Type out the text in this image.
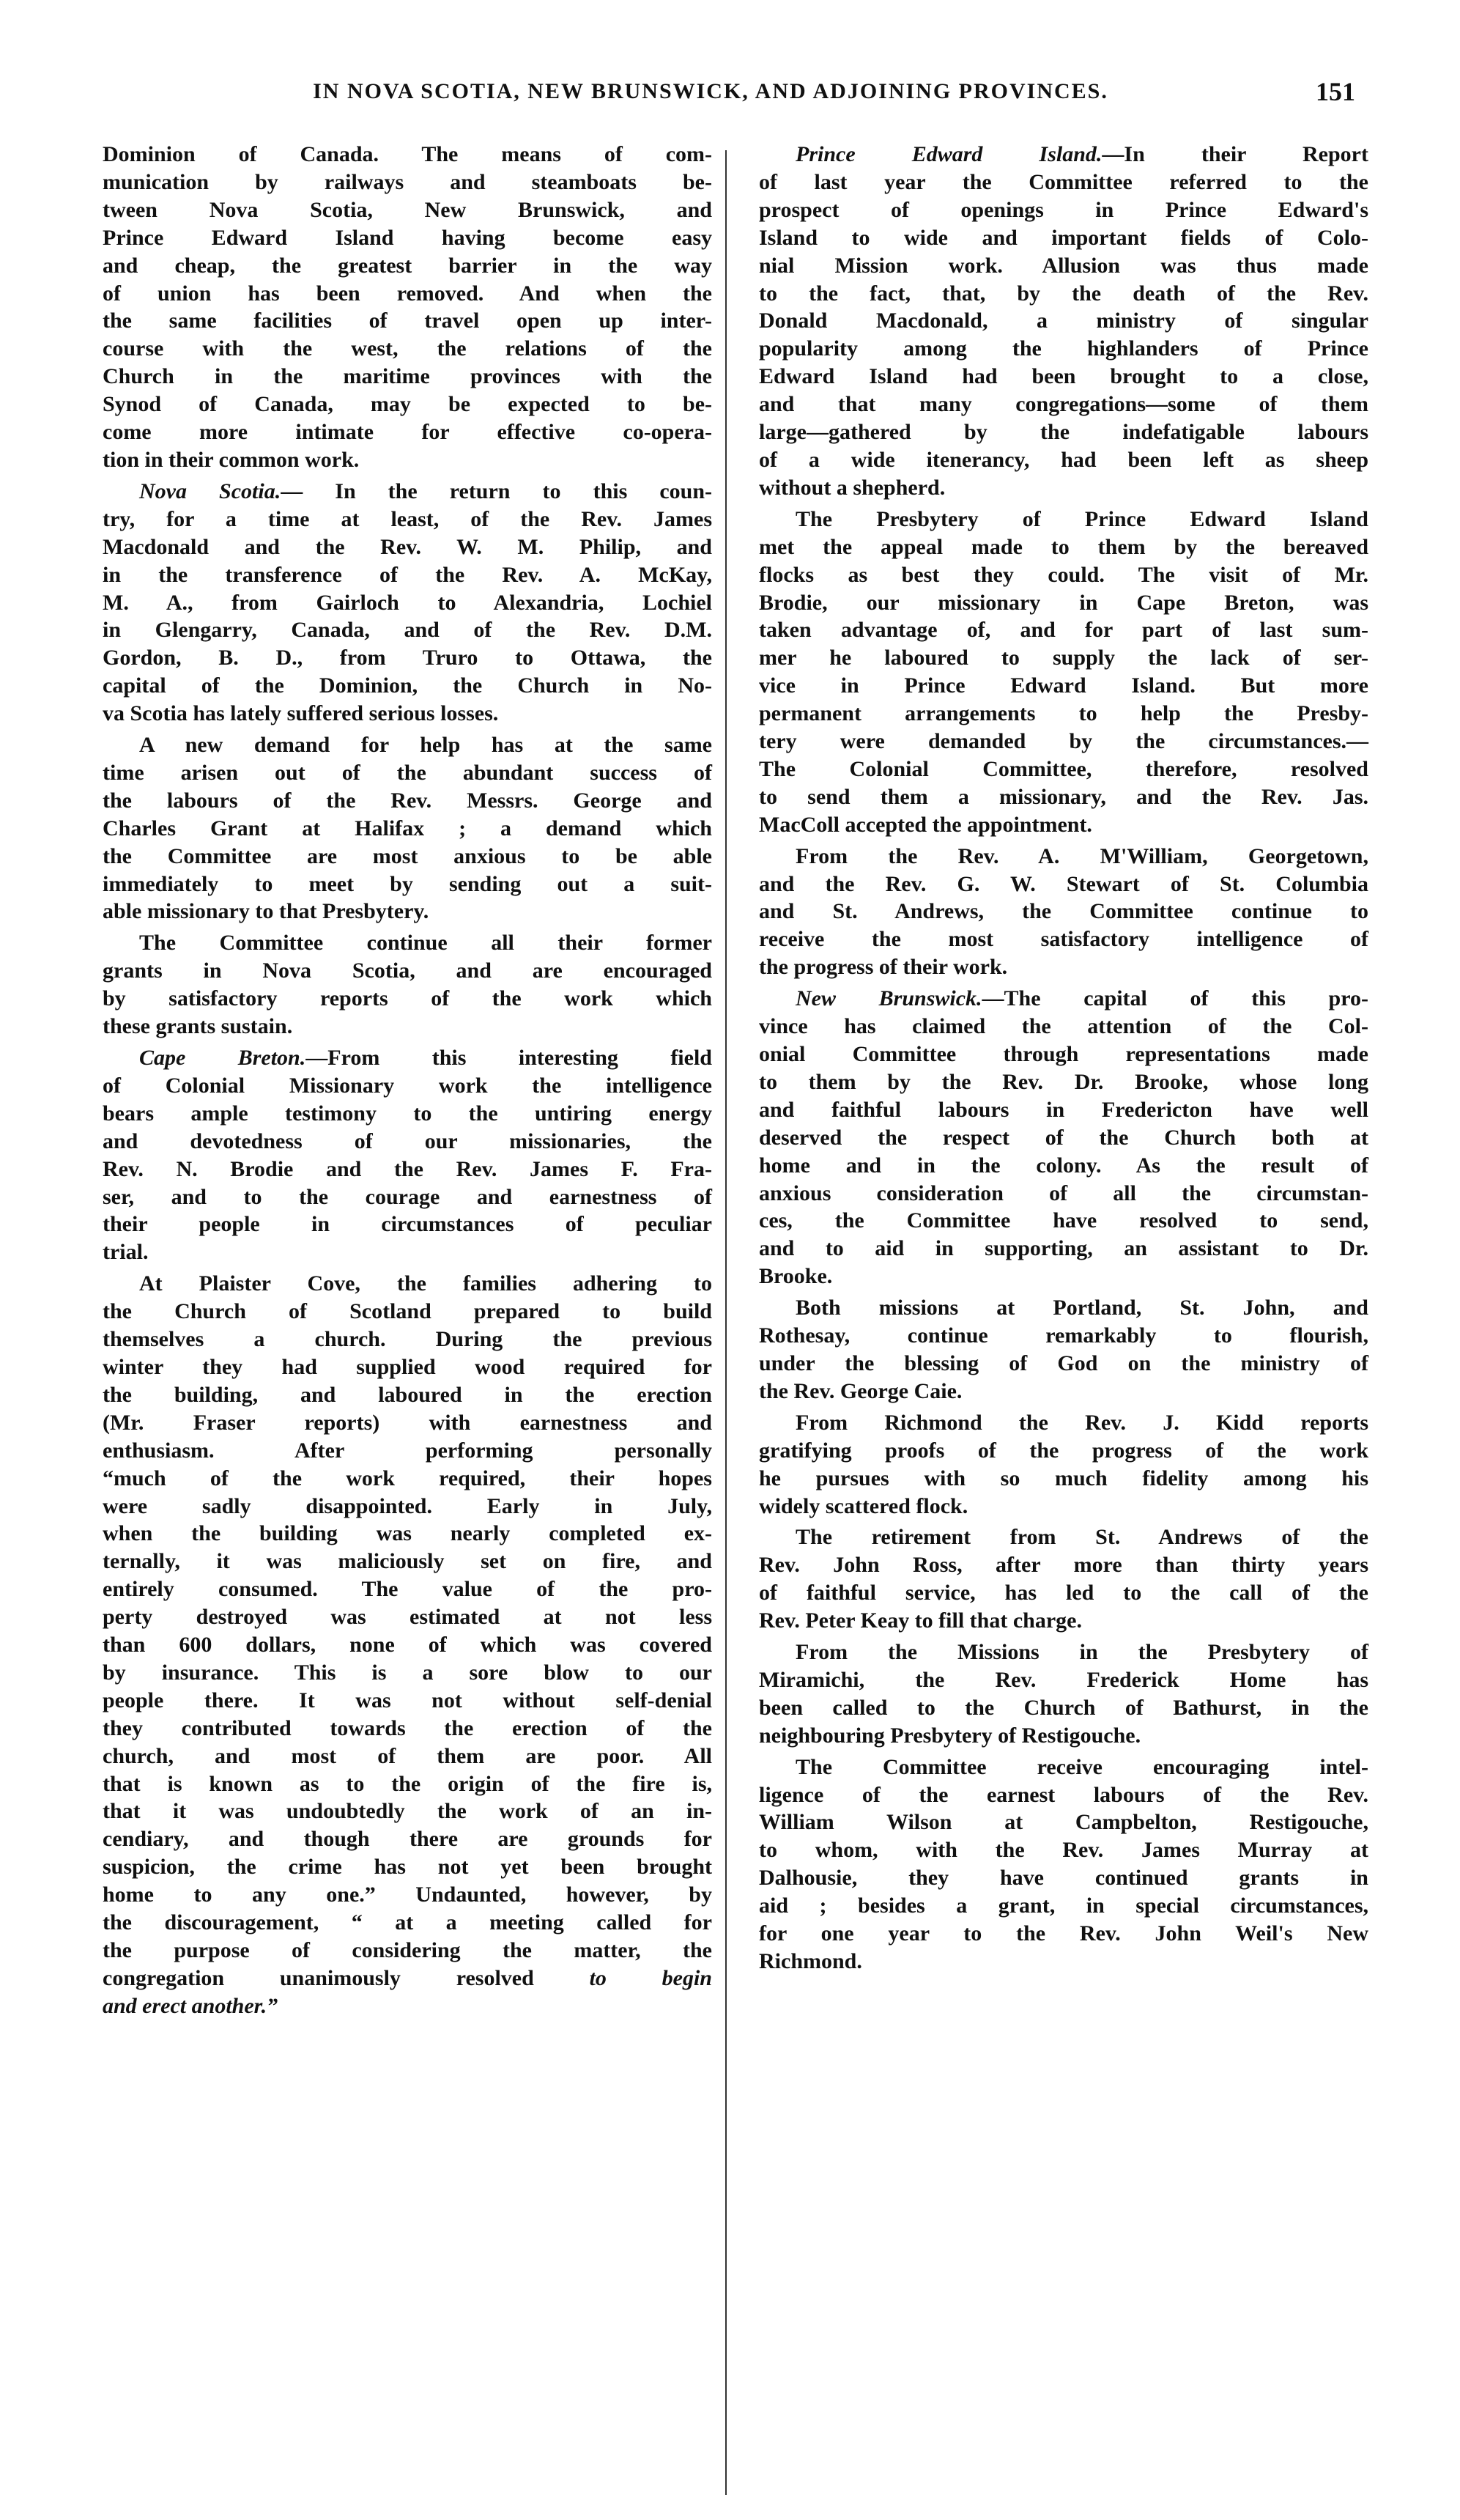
IN NOVA SCOTIA, NEW BRUNSWICK, AND ADJOINING PROVINCES.	151
Dominion of Canada. The means of com-
munication by railways and steamboats be-
tween Nova Scotia, New Brunswick, and
Prince Edward Island having become easy
and cheap, the greatest barrier in the way
of union has been removed. And when the
the same facilities of travel open up inter-
course with the west, the relations of the
Church in the maritime provinces with the
Synod of Canada, may be expected to be-
come more intimate for effective co-opera-
tion in their common work.
Nova Scotia.— In the return to this coun-
try, for a time at least, of the Rev. James
Macdonald and the Rev. W. M. Philip, and
in the transference of the Rev. A. McKay,
M. A., from Gairloch to Alexandria, Lochiel
in Glengarry, Canada, and of the Rev. D.M.
Gordon, B. D., from Truro to Ottawa, the
capital of the Dominion, the Church in No-
va Scotia has lately suffered serious losses.
A new demand for help has at the same
time arisen out of the abundant success of
the labours of the Rev. Messrs. George and
Charles Grant at Halifax ; a demand which
the Committee are most anxious to be able
immediately to meet by sending out a suit-
able missionary to that Presbytery.
The Committee continue all their former
grants in Nova Scotia, and are encouraged
by satisfactory reports of the work which
these grants sustain.
Cape Breton.—From this interesting field
of Colonial Missionary work the intelligence
bears ample testimony to the untiring energy
and devotedness of our missionaries, the
Rev. N. Brodie and the Rev. James F. Fra-
ser, and to the courage and earnestness of
their people in circumstances of peculiar
trial.
At Plaister Cove, the families adhering to
the Church of Scotland prepared to build
themselves a church. During the previous
winter they had supplied wood required for
the building, and laboured in the erection
(Mr. Fraser reports) with earnestness and
enthusiasm. After performing personally
“much of the work required, their hopes
were sadly disappointed. Early in July,
when the building was nearly completed ex-
ternally, it was maliciously set on fire, and
entirely consumed. The value of the pro-
perty destroyed was estimated at not less
than 600 dollars, none of which was covered
by insurance. This is a sore blow to our
people there. It was not without self-denial
they contributed towards the erection of the
church, and most of them are poor. All
that is known as to the origin of the fire is,
that it was undoubtedly the work of an in-
cendiary, and though there are grounds for
suspicion, the crime has not yet been brought
home to any one.” Undaunted, however, by
the discouragement, “ at a meeting called for
the purpose of considering the matter, the
congregation unanimously resolved to begin
and erect another.”
Prince Edward Island.—In their Report
of last year the Committee referred to the
prospect of openings in Prince Edward's
Island to wide and important fields of Colo-
nial Mission work. Allusion was thus made
to the fact, that, by the death of the Rev.
Donald Macdonald, a ministry of singular
popularity among the highlanders of Prince
Edward Island had been brought to a close,
and that many congregations—some of them
large—gathered by the indefatigable labours
of a wide itenerancy, had been left as sheep
without a shepherd.
The Presbytery of Prince Edward Island
met the appeal made to them by the bereaved
flocks as best they could. The visit of Mr.
Brodie, our missionary in Cape Breton, was
taken advantage of, and for part of last sum-
mer he laboured to supply the lack of ser-
vice in Prince Edward Island. But more
permanent arrangements to help the Presby-
tery were demanded by the circumstances.—
The Colonial Committee, therefore, resolved
to send them a missionary, and the Rev. Jas.
MacColl accepted the appointment.
From the Rev. A. M'William, Georgetown,
and the Rev. G. W. Stewart of St. Columbia
and St. Andrews, the Committee continue to
receive the most satisfactory intelligence of
the progress of their work.
New Brunswick.—The capital of this pro-
vince has claimed the attention of the Col-
onial Committee through representations made
to them by the Rev. Dr. Brooke, whose long
and faithful labours in Fredericton have well
deserved the respect of the Church both at
home and in the colony. As the result of
anxious consideration of all the circumstan-
ces, the Committee have resolved to send,
and to aid in supporting, an assistant to Dr.
Brooke.
Both missions at Portland, St. John, and
Rothesay, continue remarkably to flourish,
under the blessing of God on the ministry of
the Rev. George Caie.
From Richmond the Rev. J. Kidd reports
gratifying proofs of the progress of the work
he pursues with so much fidelity among his
widely scattered flock.
The retirement from St. Andrews of the
Rev. John Ross, after more than thirty years
of faithful service, has led to the call of the
Rev. Peter Keay to fill that charge.
From the Missions in the Presbytery of
Miramichi, the Rev. Frederick Home has
been called to the Church of Bathurst, in the
neighbouring Presbytery of Restigouche.
The Committee receive encouraging intel-
ligence of the earnest labours of the Rev.
William Wilson at Campbelton, Restigouche,
to whom, with the Rev. James Murray at
Dalhousie, they have continued grants in
aid ; besides a grant, in special circumstances,
for one year to the Rev. John Weil's New
Richmond.
